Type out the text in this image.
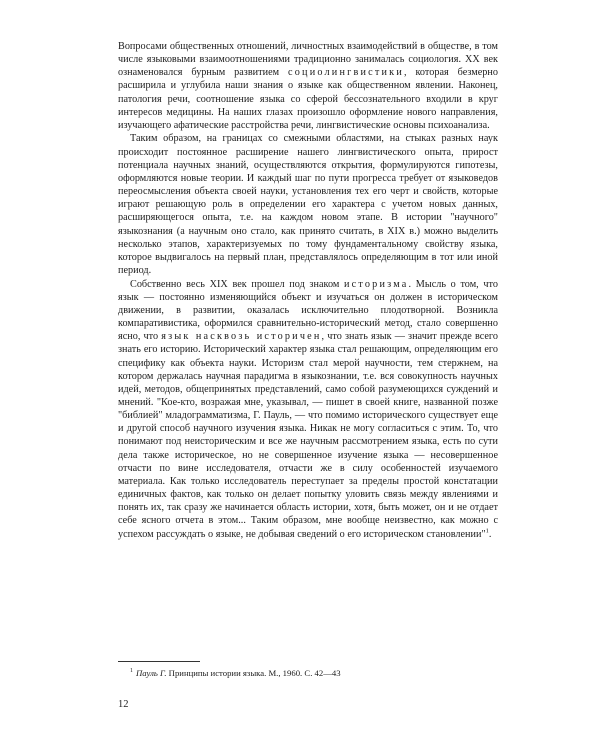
Вопросами общественных отношений, личностных взаимодействий в обществе, в том числе языковыми взаимоотношениями традиционно занималась социология. XX век ознаменовался бурным развитием социолингвистики, которая безмерно расширила и углубила наши знания о языке как общественном явлении. Наконец, патология речи, соотношение языка со сферой бессознательного входили в круг интересов медицины. На наших глазах произошло оформление нового направления, изучающего афатические расстройства речи, лингвистические основы психоанализа.

Таким образом, на границах со смежными областями, на стыках разных наук происходит постоянное расширение нашего лингвистического опыта, прирост потенциала научных знаний, осуществляются открытия, формулируются гипотезы, оформляются новые теории. И каждый шаг по пути прогресса требует от языковедов переосмысления объекта своей науки, установления тех его черт и свойств, которые играют решающую роль в определении его характера с учетом новых данных, расширяющегося опыта, т.е. на каждом новом этапе. В истории "научного" языкознания (а научным оно стало, как принято считать, в XIX в.) можно выделить несколько этапов, характеризуемых по тому фундаментальному свойству языка, которое выдвигалось на первый план, представлялось определяющим в тот или иной период.

Собственно весь XIX век прошел под знаком историзма. Мысль о том, что язык — постоянно изменяющийся объект и изучаться он должен в историческом движении, в развитии, оказалась исключительно плодотворной. Возникла компаративистика, оформился сравнительно-исторический метод, стало совершенно ясно, что язык насквозь историчен, что знать язык — значит прежде всего знать его историю. Исторический характер языка стал решающим, определяющим его специфику как объекта науки. Историзм стал мерой научности, тем стержнем, на котором держалась научная парадигма в языкознании, т.е. вся совокупность научных идей, методов, общепринятых представлений, само собой разумеющихся суждений и мнений. "Кое-кто, возражая мне, указывал, — пишет в своей книге, названной позже "библией" младограмматизма, Г. Пауль, — что помимо исторического существует еще и другой способ научного изучения языка. Никак не могу согласиться с этим. То, что понимают под неисторическим и все же научным рассмотрением языка, есть по сути дела также историческое, но не совершенное изучение языка — несовершенное отчасти по вине исследователя, отчасти же в силу особенностей изучаемого материала. Как только исследователь переступает за пределы простой констатации единичных фактов, как только он делает попытку уловить связь между явлениями и понять их, так сразу же начинается область истории, хотя, быть может, он и не отдает себе ясного отчета в этом... Таким образом, мне вообще неизвестно, как можно с успехом рассуждать о языке, не добывая сведений о его историческом становлении"$^1$.

$^1$ Пауль Г. Принципы истории языка. М., 1960. С. 42—43
12
